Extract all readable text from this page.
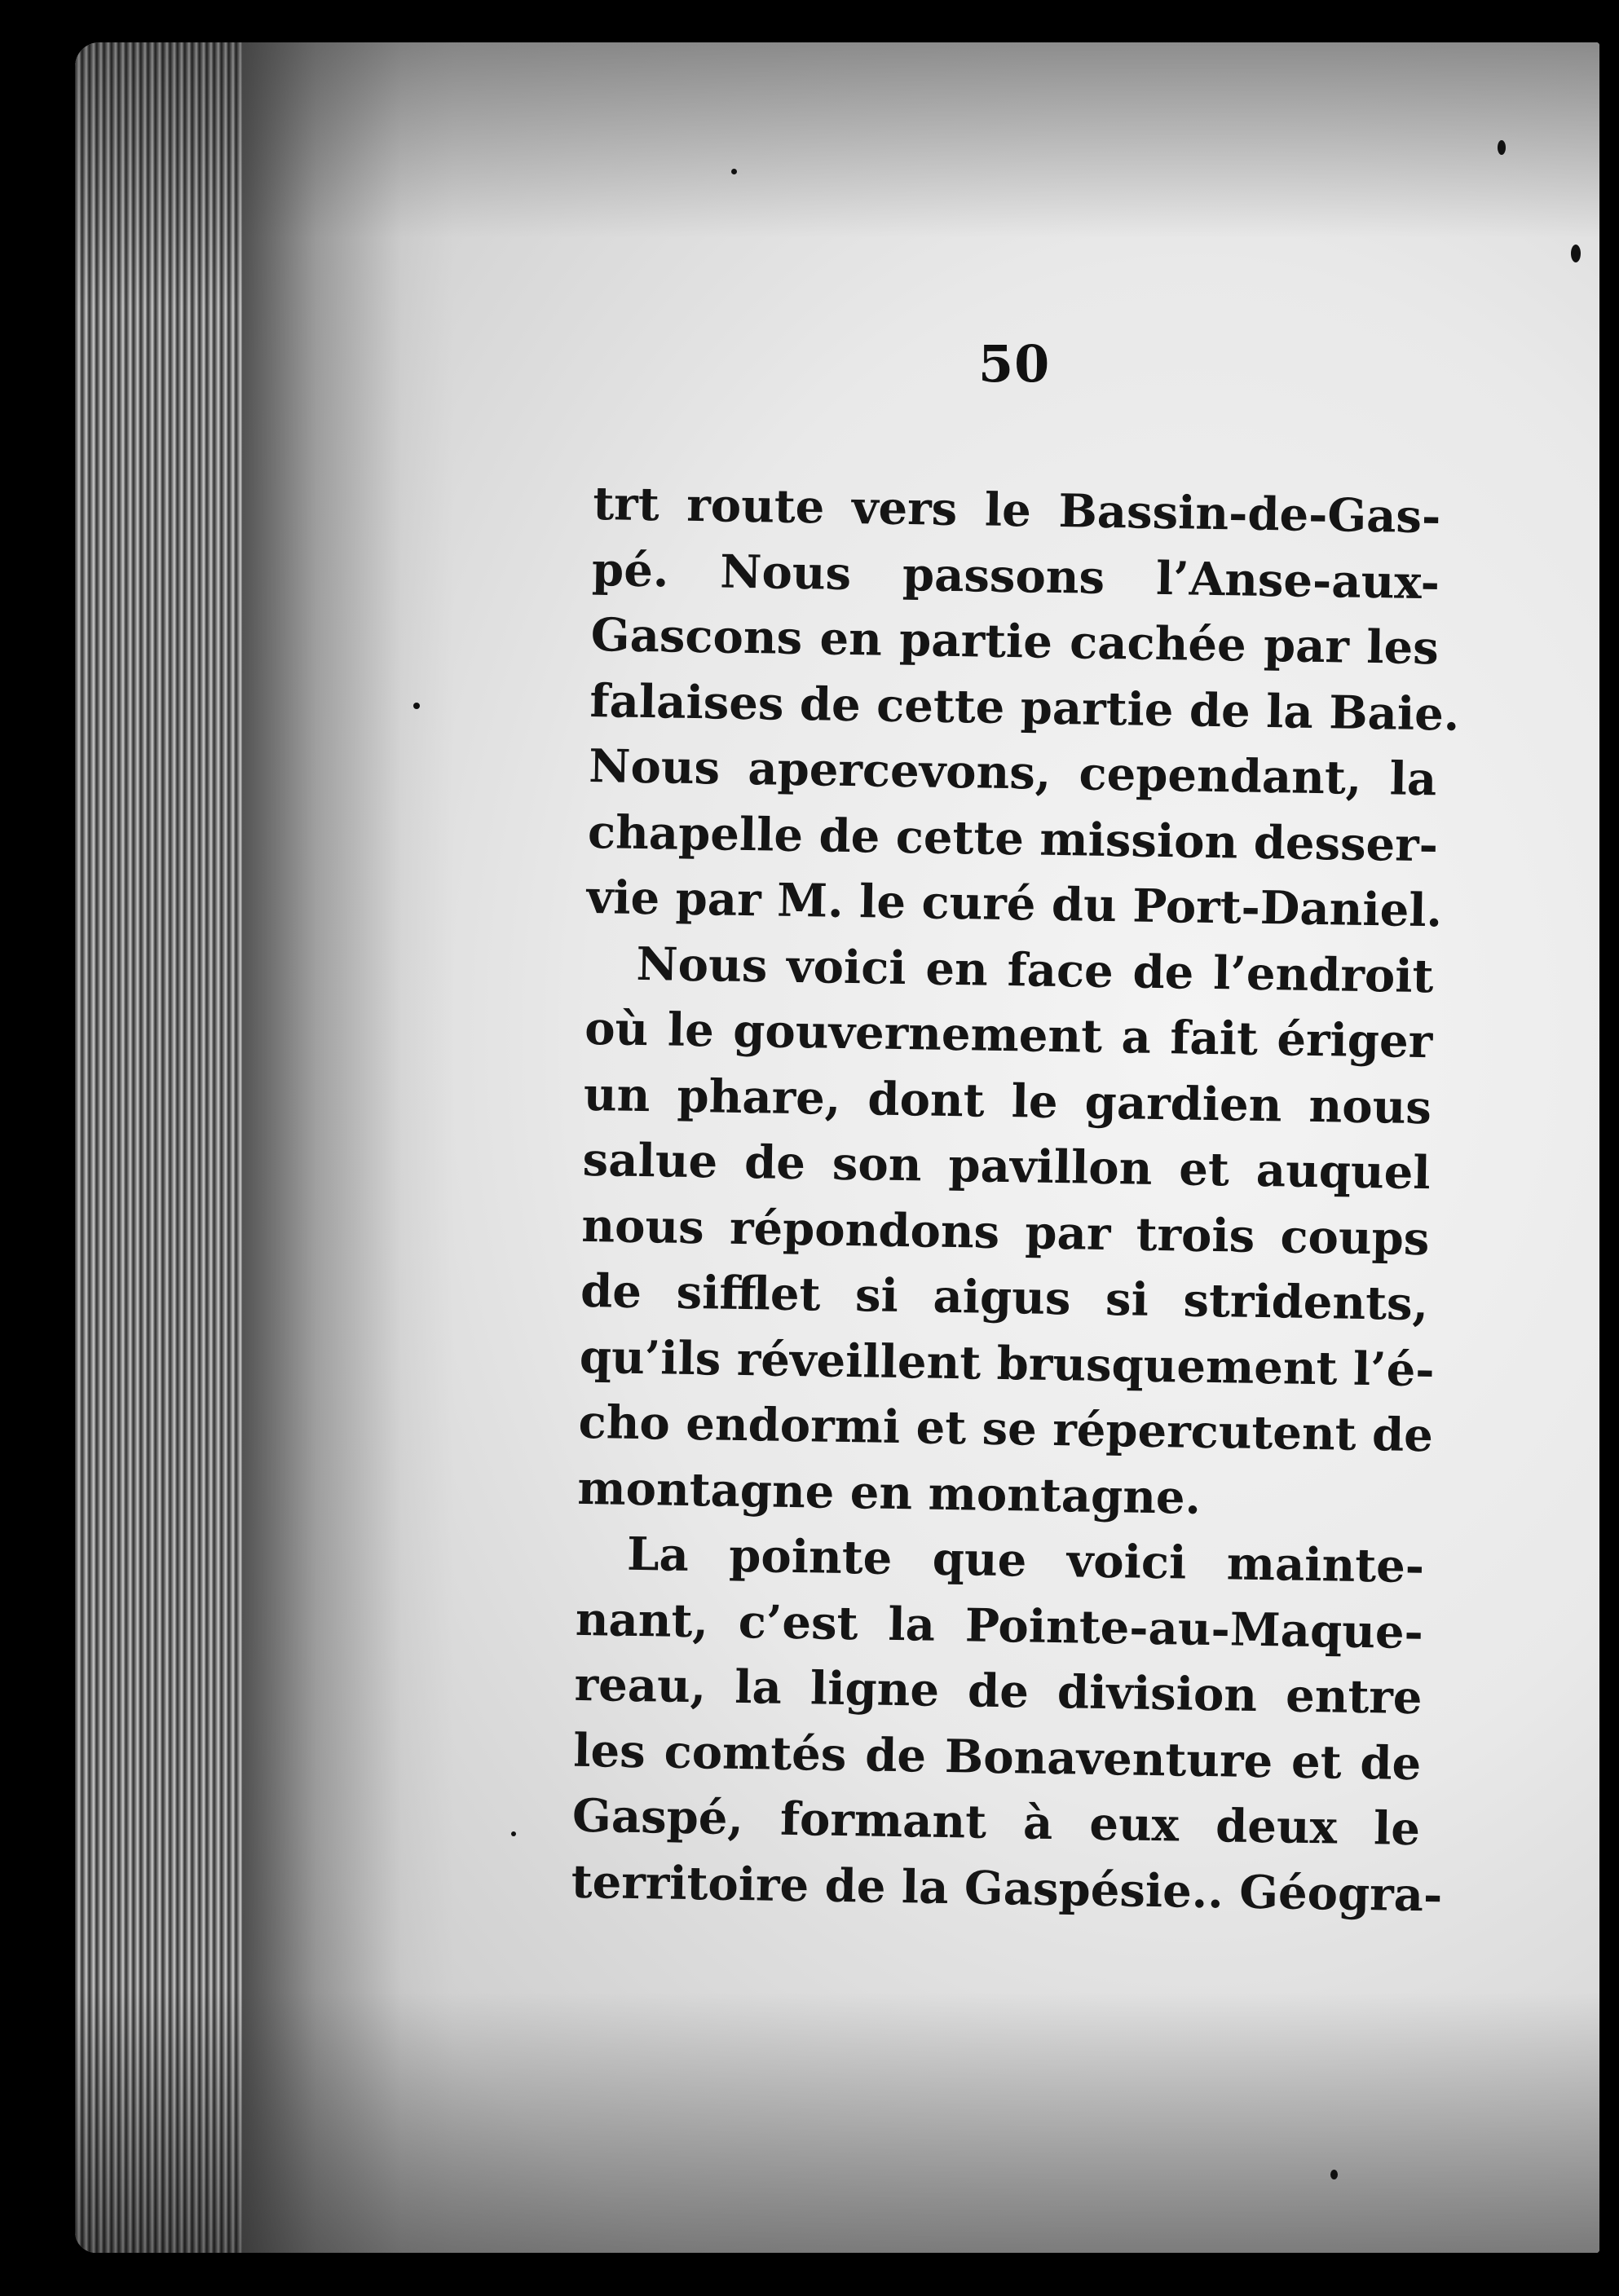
50
trt route vers le Bassin-de-Gas-
pé. Nous passons l’Anse-aux-
Gascons en partie cachée par les
falaises de cette partie de la Baie.
Nous apercevons, cependant, la
chapelle de cette mission desser-
vie par M. le curé du Port-Daniel.
Nous voici en face de l’endroit
où le gouvernement a fait ériger
un phare, dont le gardien nous
salue de son pavillon et auquel
nous répondons par trois coups
de sifflet si aigus si stridents,
qu’ils réveillent brusquement l’é-
cho endormi et se répercutent de
montagne en montagne.
La pointe que voici mainte-
nant, c’est la Pointe-au-Maque-
reau, la ligne de division entre
les comtés de Bonaventure et de
Gaspé, formant à eux deux le
territoire de la Gaspésie.. Géogra-
